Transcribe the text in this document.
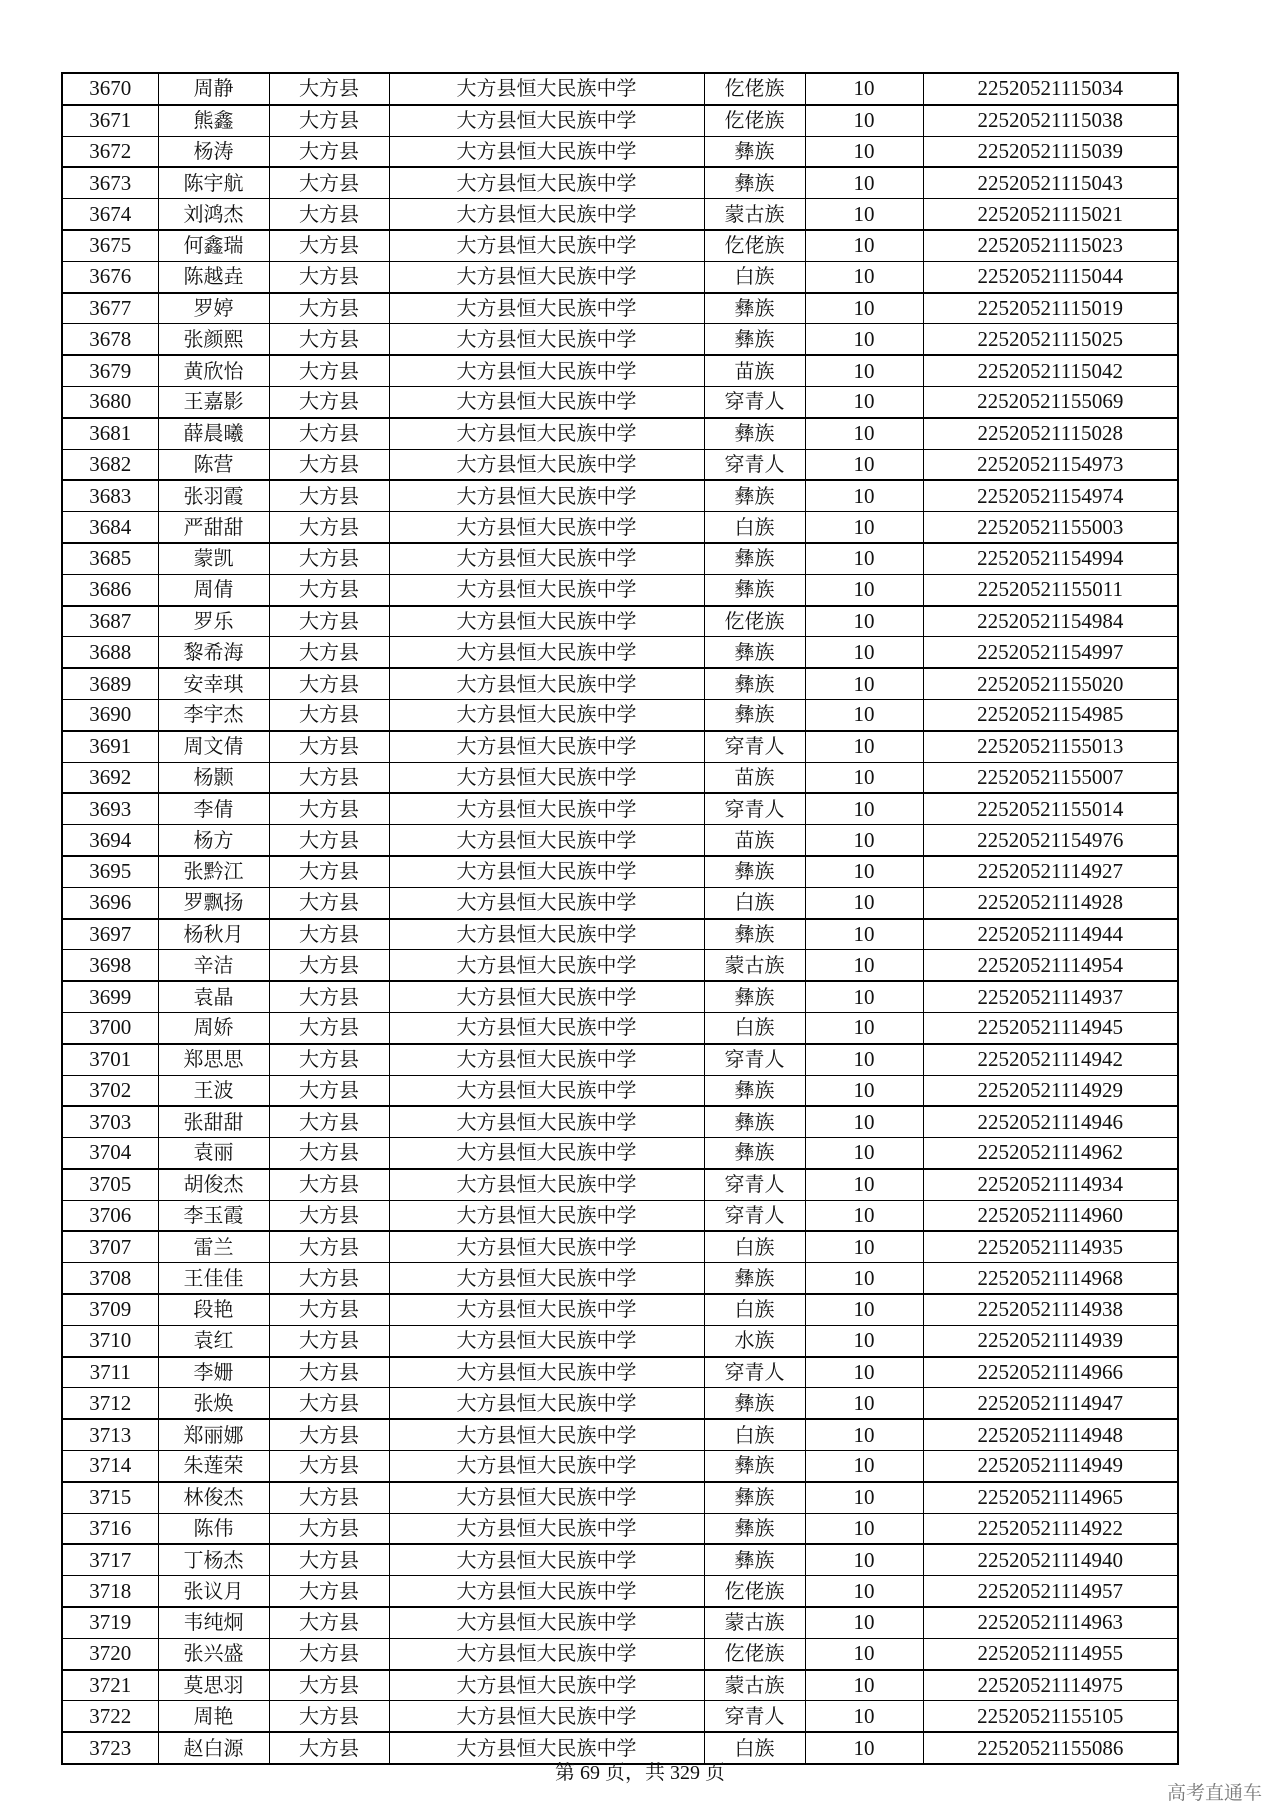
3670	周静	大方县	大方县恒大民族中学	仡佬族	10	22520521115034
3671	熊鑫	大方县	大方县恒大民族中学	仡佬族	10	22520521115038
3672	杨涛	大方县	大方县恒大民族中学	彝族	10	22520521115039
3673	陈宇航	大方县	大方县恒大民族中学	彝族	10	22520521115043
3674	刘鸿杰	大方县	大方县恒大民族中学	蒙古族	10	22520521115021
3675	何鑫瑞	大方县	大方县恒大民族中学	仡佬族	10	22520521115023
3676	陈越垚	大方县	大方县恒大民族中学	白族	10	22520521115044
3677	罗婷	大方县	大方县恒大民族中学	彝族	10	22520521115019
3678	张颜熙	大方县	大方县恒大民族中学	彝族	10	22520521115025
3679	黄欣怡	大方县	大方县恒大民族中学	苗族	10	22520521115042
3680	王嘉影	大方县	大方县恒大民族中学	穿青人	10	22520521155069
3681	薛晨曦	大方县	大方县恒大民族中学	彝族	10	22520521115028
3682	陈营	大方县	大方县恒大民族中学	穿青人	10	22520521154973
3683	张羽霞	大方县	大方县恒大民族中学	彝族	10	22520521154974
3684	严甜甜	大方县	大方县恒大民族中学	白族	10	22520521155003
3685	蒙凯	大方县	大方县恒大民族中学	彝族	10	22520521154994
3686	周倩	大方县	大方县恒大民族中学	彝族	10	22520521155011
3687	罗乐	大方县	大方县恒大民族中学	仡佬族	10	22520521154984
3688	黎希海	大方县	大方县恒大民族中学	彝族	10	22520521154997
3689	安幸琪	大方县	大方县恒大民族中学	彝族	10	22520521155020
3690	李宇杰	大方县	大方县恒大民族中学	彝族	10	22520521154985
3691	周文倩	大方县	大方县恒大民族中学	穿青人	10	22520521155013
3692	杨颢	大方县	大方县恒大民族中学	苗族	10	22520521155007
3693	李倩	大方县	大方县恒大民族中学	穿青人	10	22520521155014
3694	杨方	大方县	大方县恒大民族中学	苗族	10	22520521154976
3695	张黔江	大方县	大方县恒大民族中学	彝族	10	22520521114927
3696	罗飘扬	大方县	大方县恒大民族中学	白族	10	22520521114928
3697	杨秋月	大方县	大方县恒大民族中学	彝族	10	22520521114944
3698	辛洁	大方县	大方县恒大民族中学	蒙古族	10	22520521114954
3699	袁晶	大方县	大方县恒大民族中学	彝族	10	22520521114937
3700	周娇	大方县	大方县恒大民族中学	白族	10	22520521114945
3701	郑思思	大方县	大方县恒大民族中学	穿青人	10	22520521114942
3702	王波	大方县	大方县恒大民族中学	彝族	10	22520521114929
3703	张甜甜	大方县	大方县恒大民族中学	彝族	10	22520521114946
3704	袁丽	大方县	大方县恒大民族中学	彝族	10	22520521114962
3705	胡俊杰	大方县	大方县恒大民族中学	穿青人	10	22520521114934
3706	李玉霞	大方县	大方县恒大民族中学	穿青人	10	22520521114960
3707	雷兰	大方县	大方县恒大民族中学	白族	10	22520521114935
3708	王佳佳	大方县	大方县恒大民族中学	彝族	10	22520521114968
3709	段艳	大方县	大方县恒大民族中学	白族	10	22520521114938
3710	袁红	大方县	大方县恒大民族中学	水族	10	22520521114939
3711	李姗	大方县	大方县恒大民族中学	穿青人	10	22520521114966
3712	张焕	大方县	大方县恒大民族中学	彝族	10	22520521114947
3713	郑丽娜	大方县	大方县恒大民族中学	白族	10	22520521114948
3714	朱莲荣	大方县	大方县恒大民族中学	彝族	10	22520521114949
3715	林俊杰	大方县	大方县恒大民族中学	彝族	10	22520521114965
3716	陈伟	大方县	大方县恒大民族中学	彝族	10	22520521114922
3717	丁杨杰	大方县	大方县恒大民族中学	彝族	10	22520521114940
3718	张议月	大方县	大方县恒大民族中学	仡佬族	10	22520521114957
3719	韦纯炯	大方县	大方县恒大民族中学	蒙古族	10	22520521114963
3720	张兴盛	大方县	大方县恒大民族中学	仡佬族	10	22520521114955
3721	莫思羽	大方县	大方县恒大民族中学	蒙古族	10	22520521114975
3722	周艳	大方县	大方县恒大民族中学	穿青人	10	22520521155105
3723	赵白源	大方县	大方县恒大民族中学	白族	10	22520521155086
第 69 页，共 329 页
高考直通车
